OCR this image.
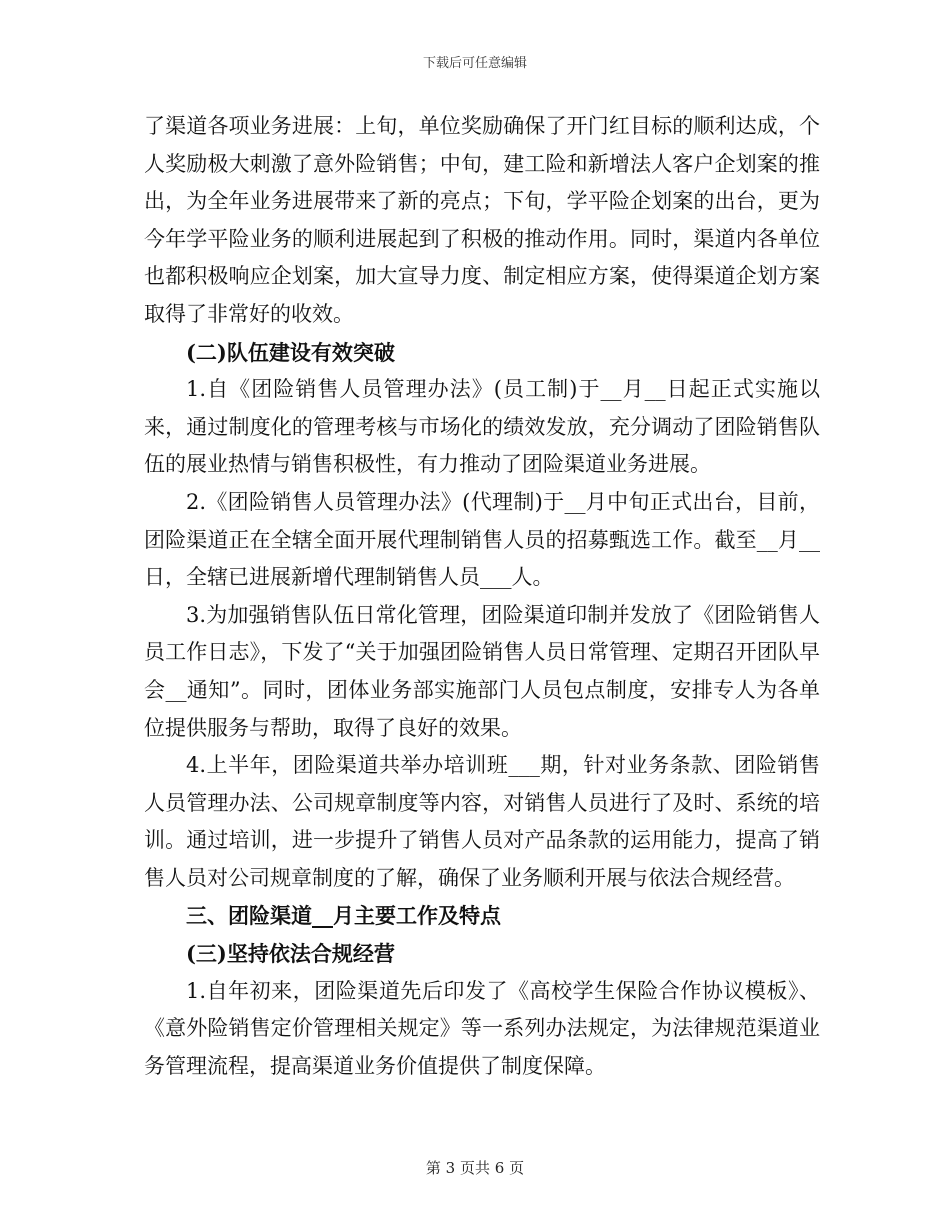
下载后可任意编辑

了渠道各项业务进展：上旬，单位奖励确保了开门红目标的顺利达成，个人奖励极大刺激了意外险销售；中旬，建工险和新增法人客户企划案的推出，为全年业务进展带来了新的亮点；下旬，学平险企划案的出台，更为今年学平险业务的顺利进展起到了积极的推动作用。同时，渠道内各单位也都积极响应企划案，加大宣导力度、制定相应方案，使得渠道企划方案取得了非常好的收效。

(二)队伍建设有效突破

1.自《团险销售人员管理办法》(员工制)于__月__日起正式实施以来，通过制度化的管理考核与市场化的绩效发放，充分调动了团险销售队伍的展业热情与销售积极性，有力推动了团险渠道业务进展。

2.《团险销售人员管理办法》(代理制)于__月中旬正式出台，目前，团险渠道正在全辖全面开展代理制销售人员的招募甄选工作。截至__月__日，全辖已进展新增代理制销售人员___人。

3.为加强销售队伍日常化管理，团险渠道印制并发放了《团险销售人员工作日志》，下发了“关于加强团险销售人员日常管理、定期召开团队早会__通知”。同时，团体业务部实施部门人员包点制度，安排专人为各单位提供服务与帮助，取得了良好的效果。

4.上半年，团险渠道共举办培训班___期，针对业务条款、团险销售人员管理办法、公司规章制度等内容，对销售人员进行了及时、系统的培训。通过培训，进一步提升了销售人员对产品条款的运用能力，提高了销售人员对公司规章制度的了解，确保了业务顺利开展与依法合规经营。

三、团险渠道__月主要工作及特点

(三)坚持依法合规经营

1.自年初来，团险渠道先后印发了《高校学生保险合作协议模板》、《意外险销售定价管理相关规定》等一系列办法规定，为法律规范渠道业务管理流程，提高渠道业务价值提供了制度保障。

第 3 页共 6 页
